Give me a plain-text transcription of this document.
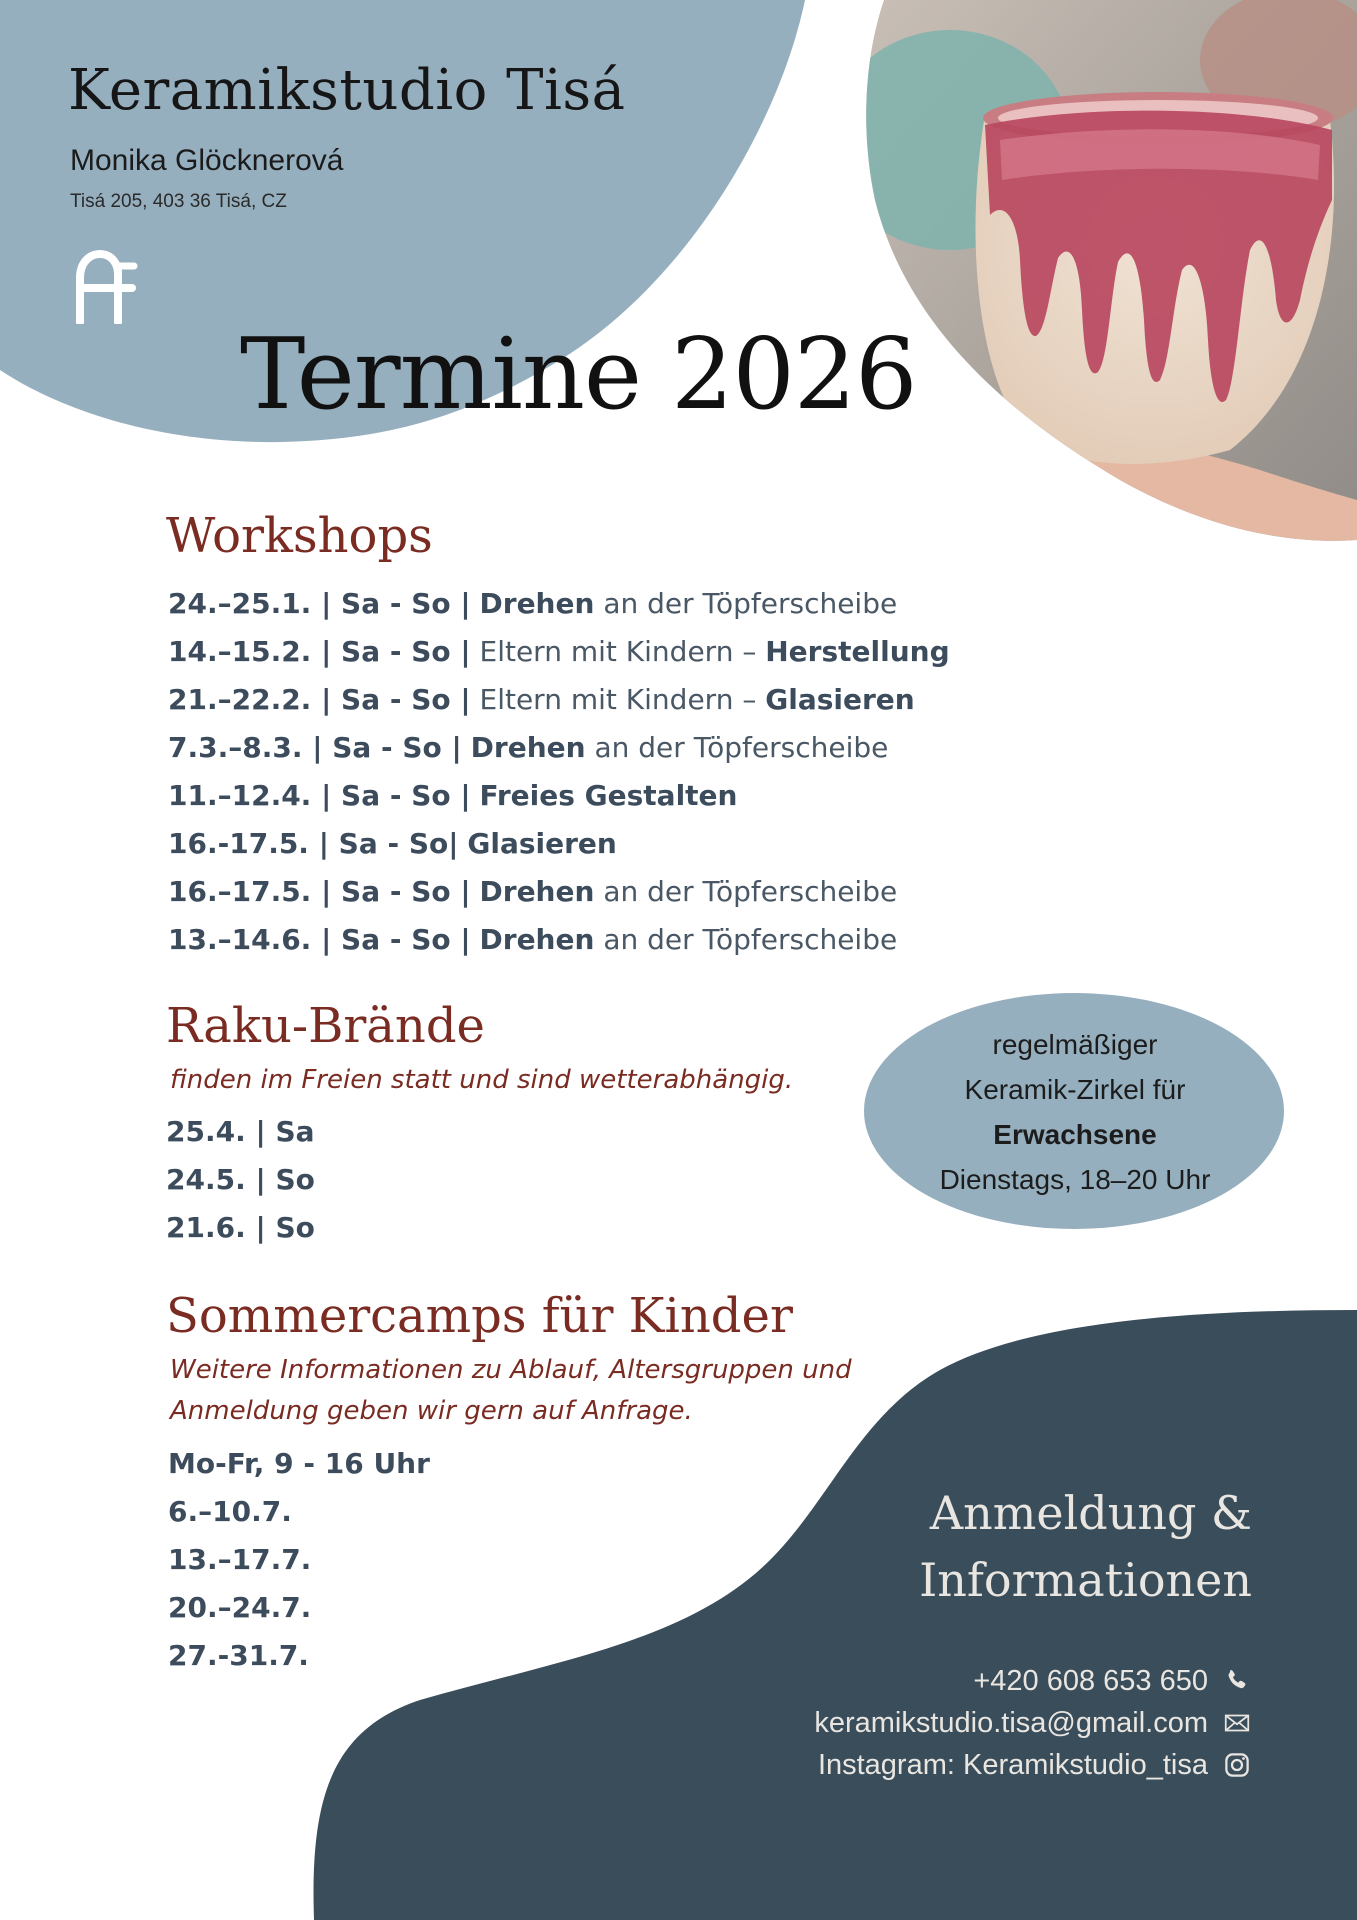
Keramikstudio Tisá
Monika Glöcknerová
Tisá 205, 403 36 Tisá, CZ
Termine 2026
Workshops
24.–25.1. | Sa - So | Drehen an der Töpferscheibe
14.–15.2. | Sa - So | Eltern mit Kindern – Herstellung
21.–22.2. | Sa - So | Eltern mit Kindern – Glasieren
7.3.–8.3. | Sa - So | Drehen an der Töpferscheibe
11.–12.4. | Sa - So | Freies Gestalten
16.-17.5. | Sa - So| Glasieren
16.–17.5. | Sa - So | Drehen an der Töpferscheibe
13.–14.6. | Sa - So | Drehen an der Töpferscheibe
Raku-Brände
finden im Freien statt und sind wetterabhängig.
25.4. | Sa
24.5. | So
21.6. | So
regelmäßiger
Keramik-Zirkel für
Erwachsene
Dienstags, 18–20 Uhr
Sommercamps für Kinder
Weitere Informationen zu Ablauf, Altersgruppen und
Anmeldung geben wir gern auf Anfrage.
Mo-Fr, 9 - 16 Uhr
6.–10.7.
13.–17.7.
20.–24.7.
27.-31.7.
Anmeldung &
Informationen
+420 608 653 650
keramikstudio.tisa@gmail.com
Instagram: Keramikstudio_tisa
